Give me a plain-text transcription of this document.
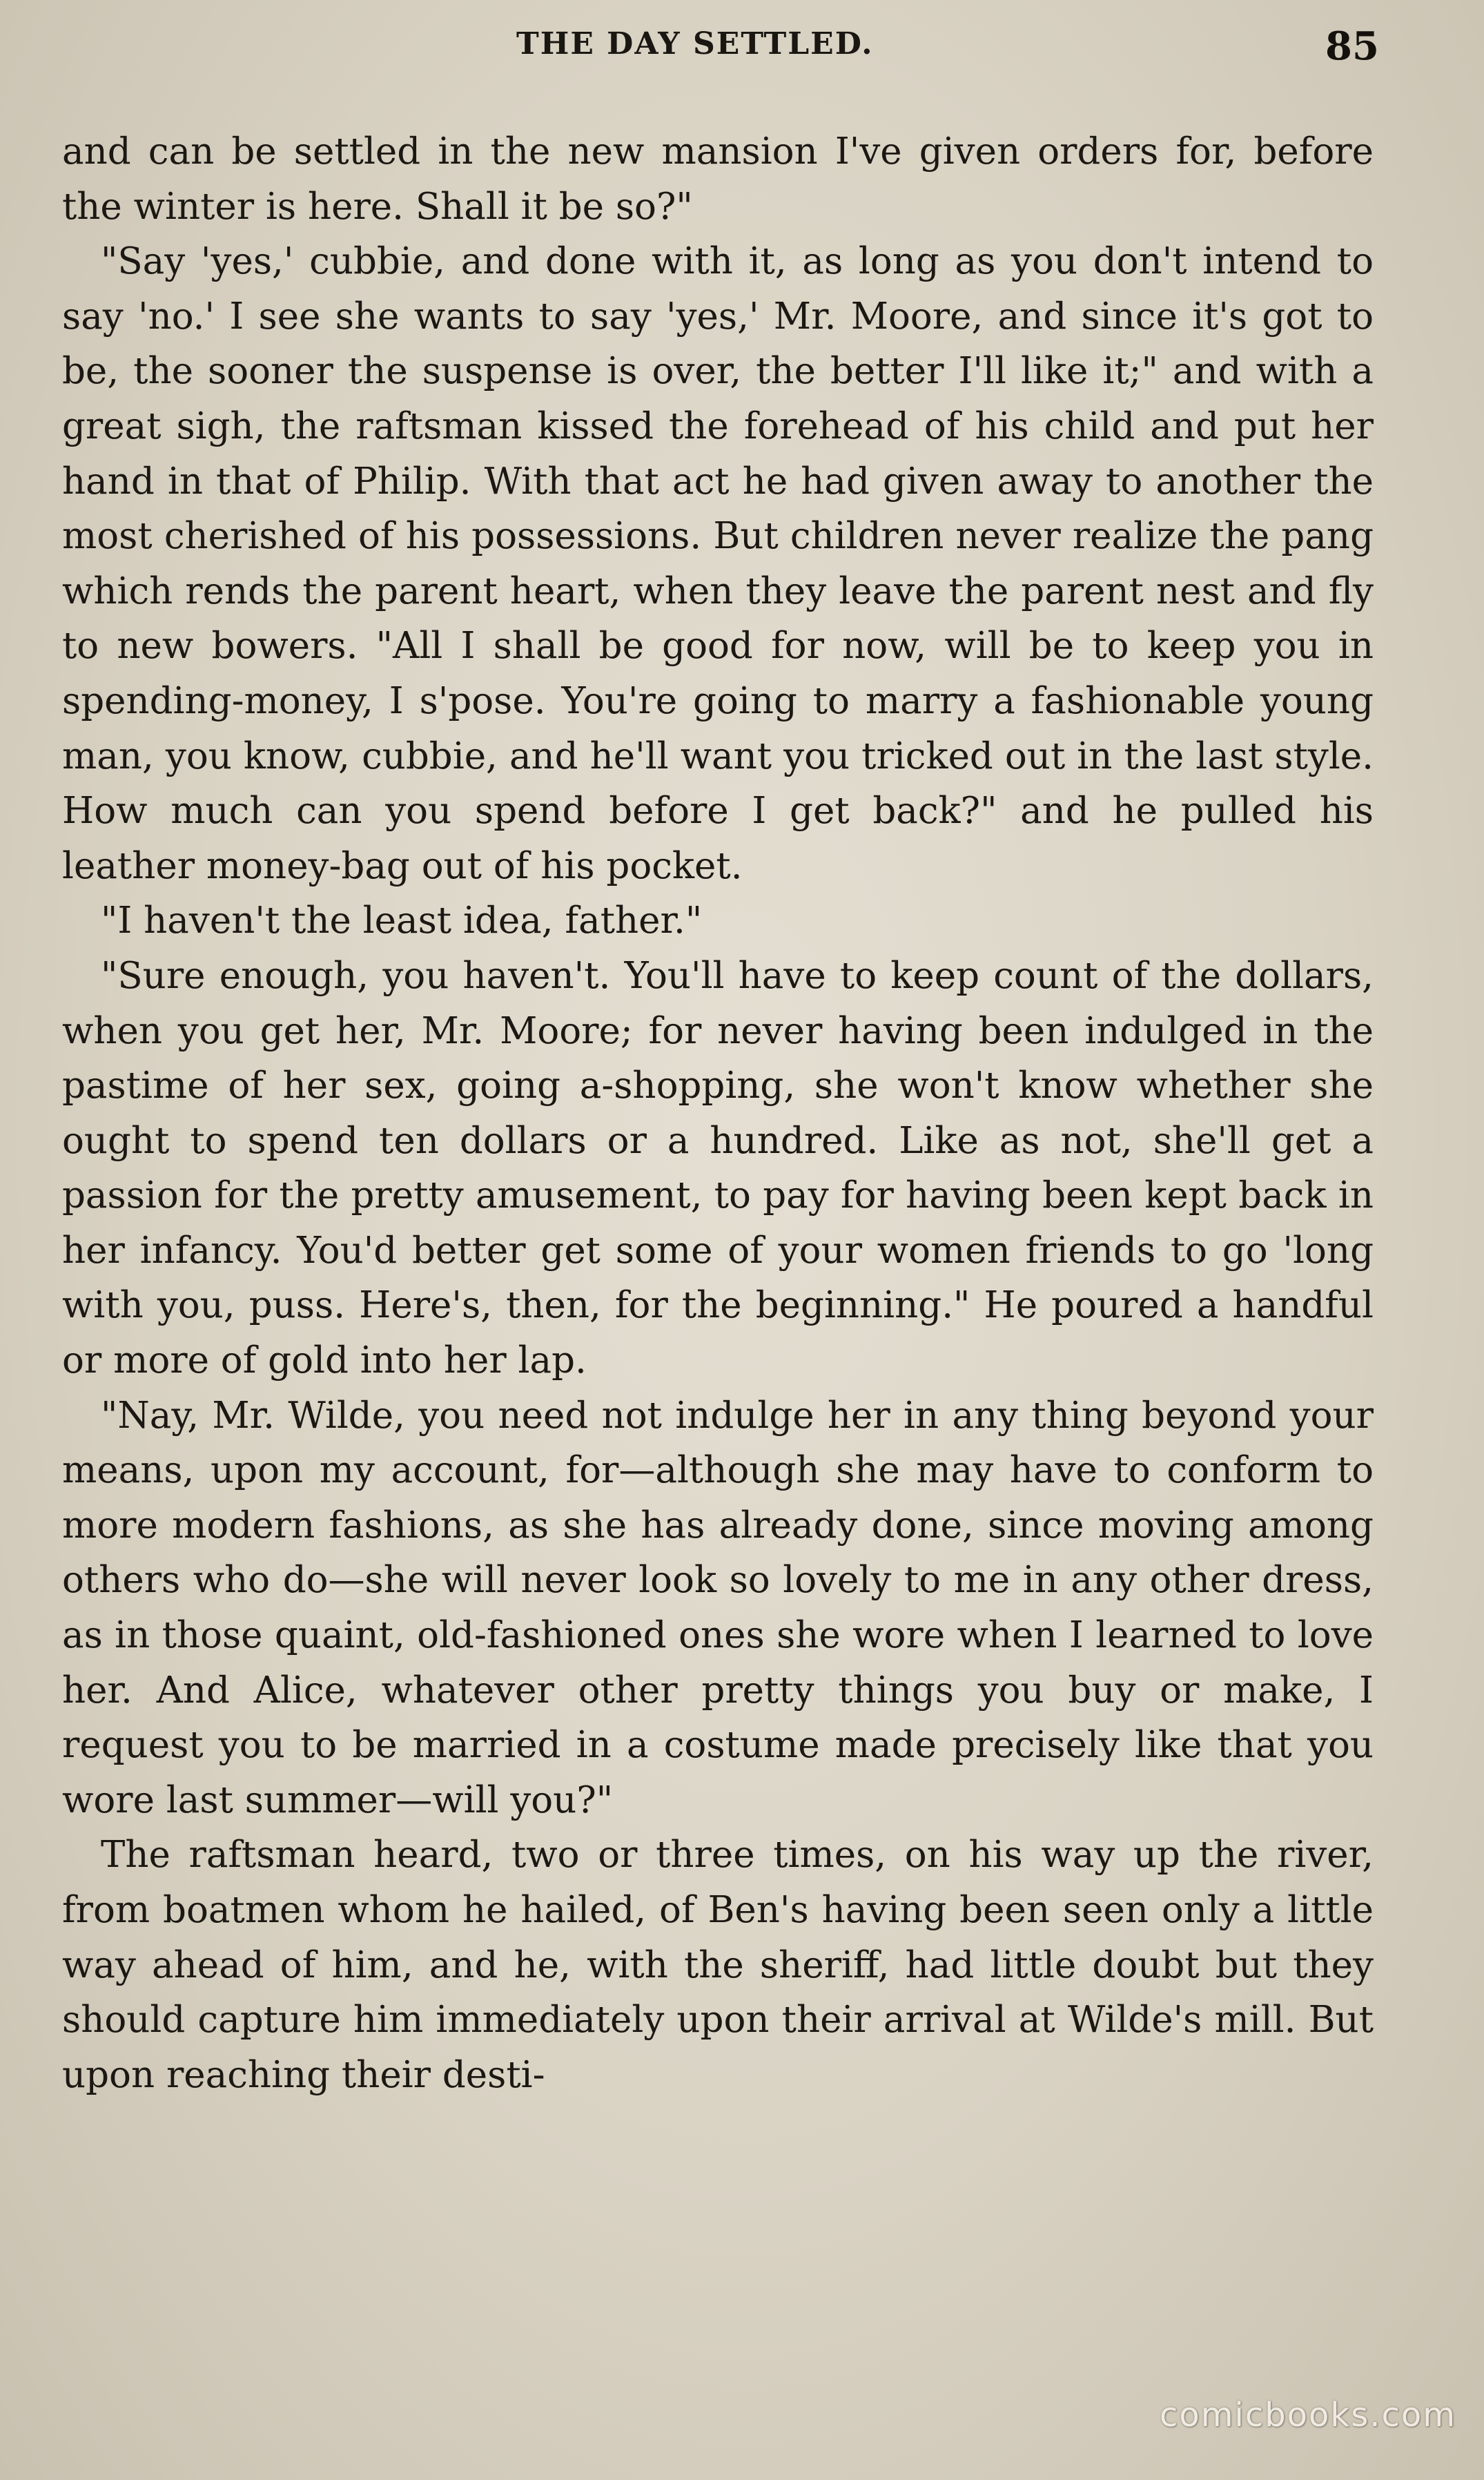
THE DAY SETTLED.	85

and can be settled in the new mansion I've given orders for, before the winter is here. Shall it be so?"

"Say 'yes,' cubbie, and done with it, as long as you don't intend to say 'no.' I see she wants to say 'yes,' Mr. Moore, and since it's got to be, the sooner the suspense is over, the better I'll like it;" and with a great sigh, the raftsman kissed the forehead of his child and put her hand in that of Philip. With that act he had given away to another the most cherished of his possessions. But children never realize the pang which rends the parent heart, when they leave the parent nest and fly to new bowers. "All I shall be good for now, will be to keep you in spending-money, I s'pose. You're going to marry a fashionable young man, you know, cubbie, and he'll want you tricked out in the last style. How much can you spend before I get back?" and he pulled his leather money-bag out of his pocket.

"I haven't the least idea, father."

"Sure enough, you haven't. You'll have to keep count of the dollars, when you get her, Mr. Moore; for never having been indulged in the pastime of her sex, going a-shopping, she won't know whether she ought to spend ten dollars or a hundred. Like as not, she'll get a passion for the pretty amusement, to pay for having been kept back in her infancy. You'd better get some of your women friends to go 'long with you, puss. Here's, then, for the beginning." He poured a handful or more of gold into her lap.

"Nay, Mr. Wilde, you need not indulge her in any thing beyond your means, upon my account, for—although she may have to conform to more modern fashions, as she has already done, since moving among others who do—she will never look so lovely to me in any other dress, as in those quaint, old-fashioned ones she wore when I learned to love her. And Alice, whatever other pretty things you buy or make, I request you to be married in a costume made precisely like that you wore last summer—will you?"

The raftsman heard, two or three times, on his way up the river, from boatmen whom he hailed, of Ben's having been seen only a little way ahead of him, and he, with the sheriff, had little doubt but they should capture him immediately upon their arrival at Wilde's mill. But upon reaching their desti-

comicbooks.com
